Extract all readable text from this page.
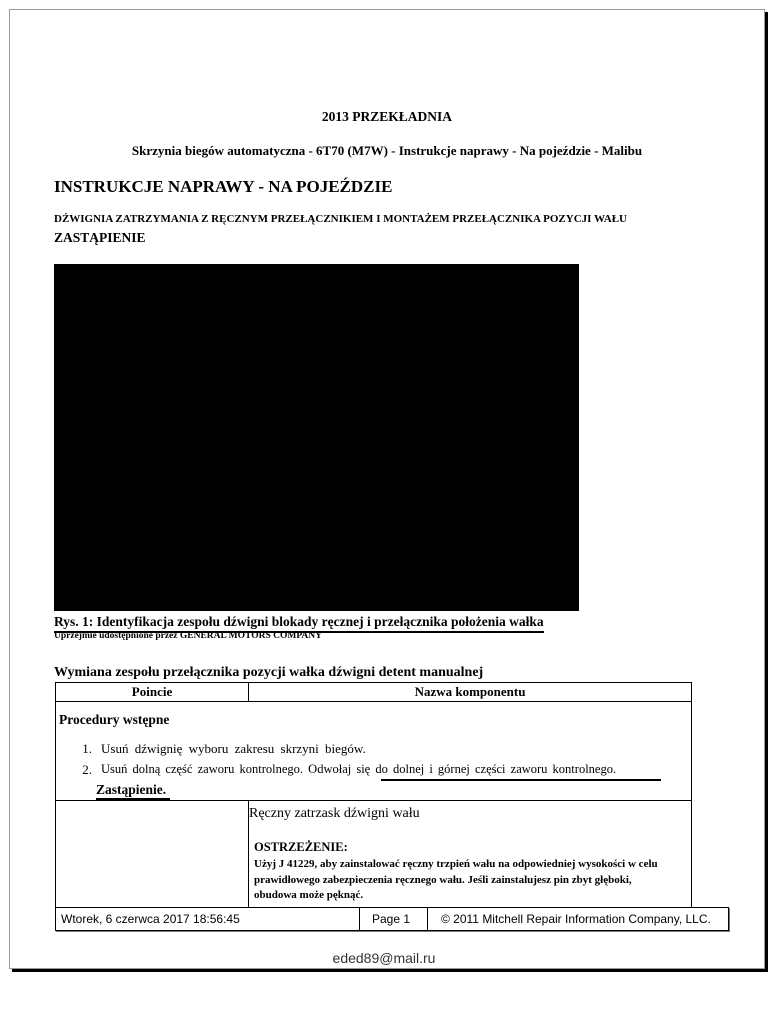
2013 PRZEKŁADNIA
Skrzynia biegów automatyczna - 6T70 (M7W) - Instrukcje naprawy - Na pojeździe - Malibu
INSTRUKCJE NAPRAWY - NA POJEŹDZIE
DŹWIGNIA ZATRZYMANIA Z RĘCZNYM PRZEŁĄCZNIKIEM I MONTAŻEM PRZEŁĄCZNIKA POZYCJI WAŁU
ZASTĄPIENIE
Rys. 1: Identyfikacja zespołu dźwigni blokady ręcznej i przełącznika położenia wałka
Uprzejmie udostępnione przez GENERAL MOTORS COMPANY
Wymiana zespołu przełącznika pozycji wałka dźwigni detent manualnej
Poincie	Nazwa komponentu
Procedury wstępne
1. Usuń dźwignię wyboru zakresu skrzyni biegów.
2. Usuń dolną część zaworu kontrolnego. Odwołaj się do dolnej i górnej części zaworu kontrolnego.
Zastąpienie.
Ręczny zatrzask dźwigni wału
OSTRZEŻENIE:
Użyj J 41229, aby zainstalować ręczny trzpień wału na odpowiedniej wysokości w celu prawidłowego zabezpieczenia ręcznego wału. Jeśli zainstalujesz pin zbyt głęboki, obudowa może pęknąć.
Wtorek, 6 czerwca 2017 18:56:45	Page 1	© 2011 Mitchell Repair Information Company, LLC.
eded89@mail.ru
